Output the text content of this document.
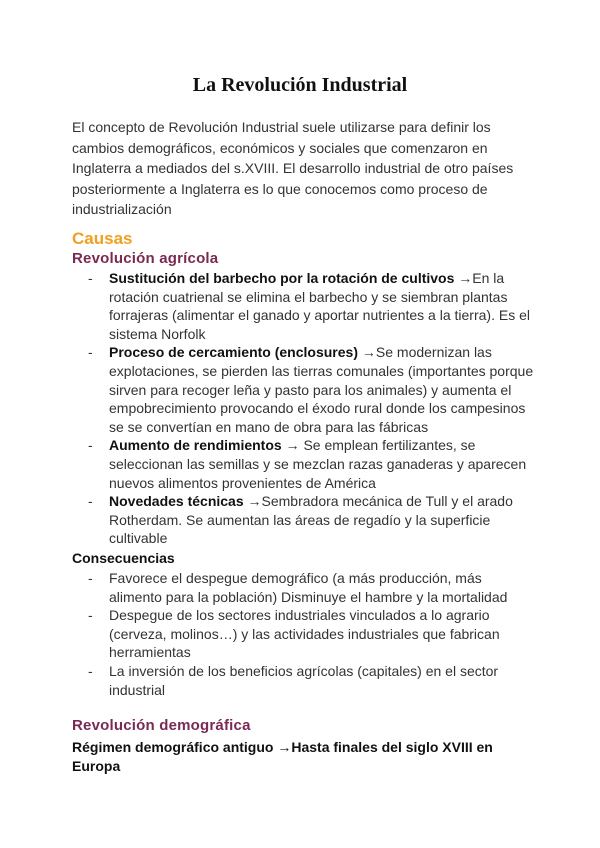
La Revolución Industrial
El concepto de Revolución Industrial suele utilizarse para definir los cambios demográficos, económicos y sociales que comenzaron en Inglaterra a mediados del s.XVIII. El desarrollo industrial de otro países posteriormente a Inglaterra es lo que conocemos como proceso de industrialización
Causas
Revolución agrícola
- Sustitución del barbecho por la rotación de cultivos →En la rotación cuatrienal se elimina el barbecho y se siembran plantas forrajeras (alimentar el ganado y aportar nutrientes a la tierra). Es el sistema Norfolk
- Proceso de cercamiento (enclosures) →Se modernizan las explotaciones, se pierden las tierras comunales (importantes porque sirven para recoger leña y pasto para los animales) y aumenta el empobrecimiento provocando el éxodo rural donde los campesinos se se convertían en mano de obra para las fábricas
- Aumento de rendimientos → Se emplean fertilizantes, se seleccionan las semillas y se mezclan razas ganaderas y aparecen nuevos alimentos provenientes de América
- Novedades técnicas →Sembradora mecánica de Tull y el arado Rotherdam. Se aumentan las áreas de regadío y la superficie cultivable
Consecuencias
- Favorece el despegue demográfico (a más producción, más alimento para la población) Disminuye el hambre y la mortalidad
- Despegue de los sectores industriales vinculados a lo agrario (cerveza, molinos…) y las actividades industriales que fabrican herramientas
- La inversión de los beneficios agrícolas (capitales) en el sector industrial
Revolución demográfica
Régimen demográfico antiguo →Hasta finales del siglo XVIII en Europa
